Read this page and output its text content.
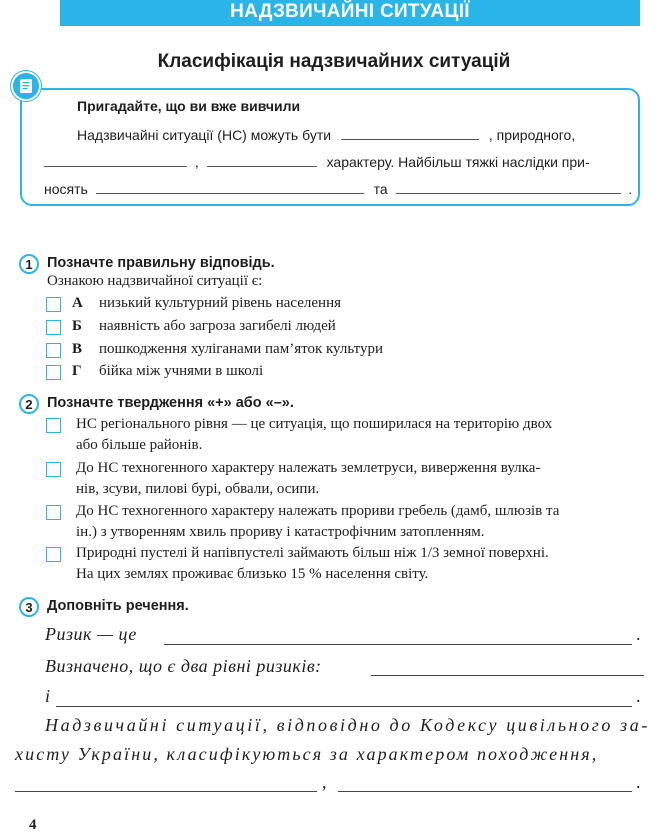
НАДЗВИЧАЙНІ СИТУАЦІЇ
Класифікація надзвичайних ситуацій
Пригадайте, що ви вже вивчили
Надзвичайні ситуації (НС) можуть бути	, природного,
,	характеру. Найбільш тяжкі наслідки при-
носять	та	.
1 Позначте правильну відповідь.
Ознакою надзвичайної ситуації є:
А низький культурний рівень населення
Б наявність або загроза загибелі людей
В пошкодження хуліганами пам’яток культури
Г бійка між учнями в школі
2 Позначте твердження «+» або «–».
НС регіонального рівня — це ситуація, що поширилася на територію двох
або більше районів.
До НС техногенного характеру належать землетруси, виверження вулка-
нів, зсуви, пилові бурі, обвали, осипи.
До НС техногенного характеру належать прориви гребель (дамб, шлюзів та
ін.) з утворенням хвиль прориву і катастрофічним затопленням.
Природні пустелі й напівпустелі займають більш ніж 1/3 земної поверхні.
На цих землях проживає близько 15 % населення світу.
3 Доповніть речення.
Ризик — це	.
Визначено, що є два рівні ризиків:
і	.
Надзвичайні ситуації, відповідно до Кодексу цивільного за-
хисту України, класифікуються за характером походження,
,	.
4
